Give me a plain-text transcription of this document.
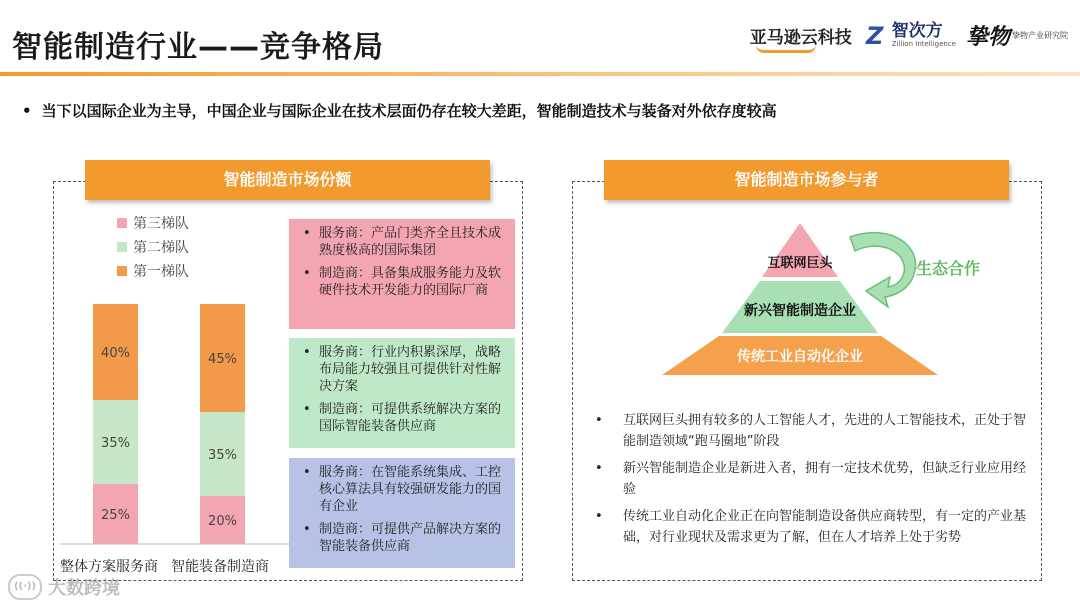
智能制造行业——竞争格局	亚马逊云科技 Z 智次方
Zillion Intelligence 挚物 挚物产业研究院
• 当下以国际企业为主导，中国企业与国际企业在技术层面仍存在较大差距，智能制造技术与装备对外依存度较高
智能制造市场份额
第三梯队
第二梯队
第一梯队
25%
35%
40%
20%
35%
45%
整体方案服务商 智能装备制造商
• 服务商：产品门类齐全且技术成熟度极高的国际集团
• 制造商：具备集成服务能力及软硬件技术开发能力的国际厂商
• 服务商：行业内积累深厚，战略布局能力较强且可提供针对性解决方案
• 制造商：可提供系统解决方案的国际智能装备供应商
• 服务商：在智能系统集成、工控核心算法具有较强研发能力的国有企业
• 制造商：可提供产品解决方案的智能装备供应商
智能制造市场参与者
互联网巨头
新兴智能制造企业
传统工业自动化企业
生态合作
• 互联网巨头拥有较多的人工智能人才，先进的人工智能技术，正处于智能制造领域“跑马圈地”阶段
• 新兴智能制造企业是新进入者，拥有一定技术优势，但缺乏行业应用经验
• 传统工业自动化企业正在向智能制造设备供应商转型，有一定的产业基础，对行业现状及需求更为了解，但在人才培养上处于劣势
((·)) 大数跨境
